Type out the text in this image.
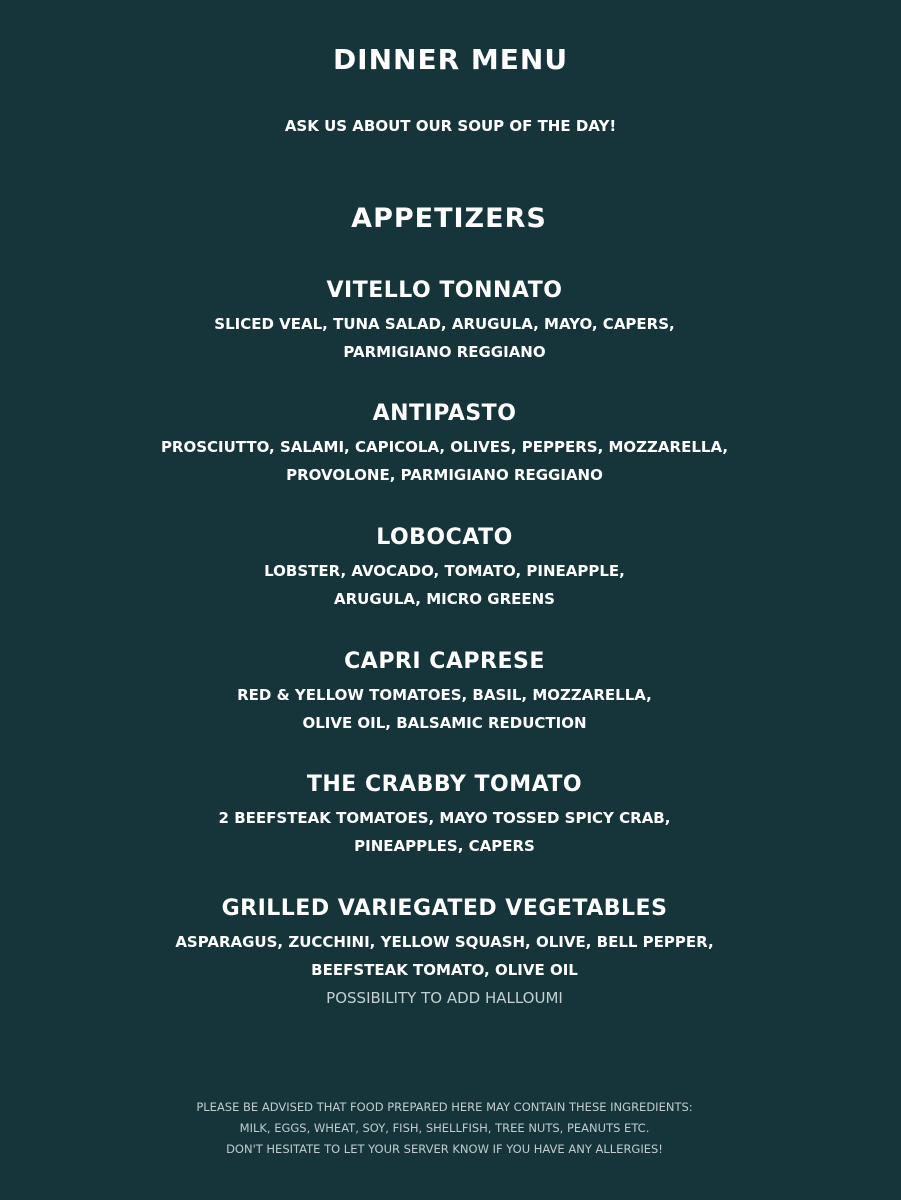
DINNER MENU
ASK US ABOUT OUR SOUP OF THE DAY!
APPETIZERS
VITELLO TONNATO
SLICED VEAL, TUNA SALAD, ARUGULA, MAYO, CAPERS,
PARMIGIANO REGGIANO
ANTIPASTO
PROSCIUTTO, SALAMI, CAPICOLA, OLIVES, PEPPERS, MOZZARELLA,
PROVOLONE, PARMIGIANO REGGIANO
LOBOCATO
LOBSTER, AVOCADO, TOMATO, PINEAPPLE,
ARUGULA, MICRO GREENS
CAPRI CAPRESE
RED & YELLOW TOMATOES, BASIL, MOZZARELLA,
OLIVE OIL, BALSAMIC REDUCTION
THE CRABBY TOMATO
2 BEEFSTEAK TOMATOES, MAYO TOSSED SPICY CRAB,
PINEAPPLES, CAPERS
GRILLED VARIEGATED VEGETABLES
ASPARAGUS, ZUCCHINI, YELLOW SQUASH, OLIVE, BELL PEPPER,
BEEFSTEAK TOMATO, OLIVE OIL
POSSIBILITY TO ADD HALLOUMI
PLEASE BE ADVISED THAT FOOD PREPARED HERE MAY CONTAIN THESE INGREDIENTS:
MILK, EGGS, WHEAT, SOY, FISH, SHELLFISH, TREE NUTS, PEANUTS ETC.
DON'T HESITATE TO LET YOUR SERVER KNOW IF YOU HAVE ANY ALLERGIES!
